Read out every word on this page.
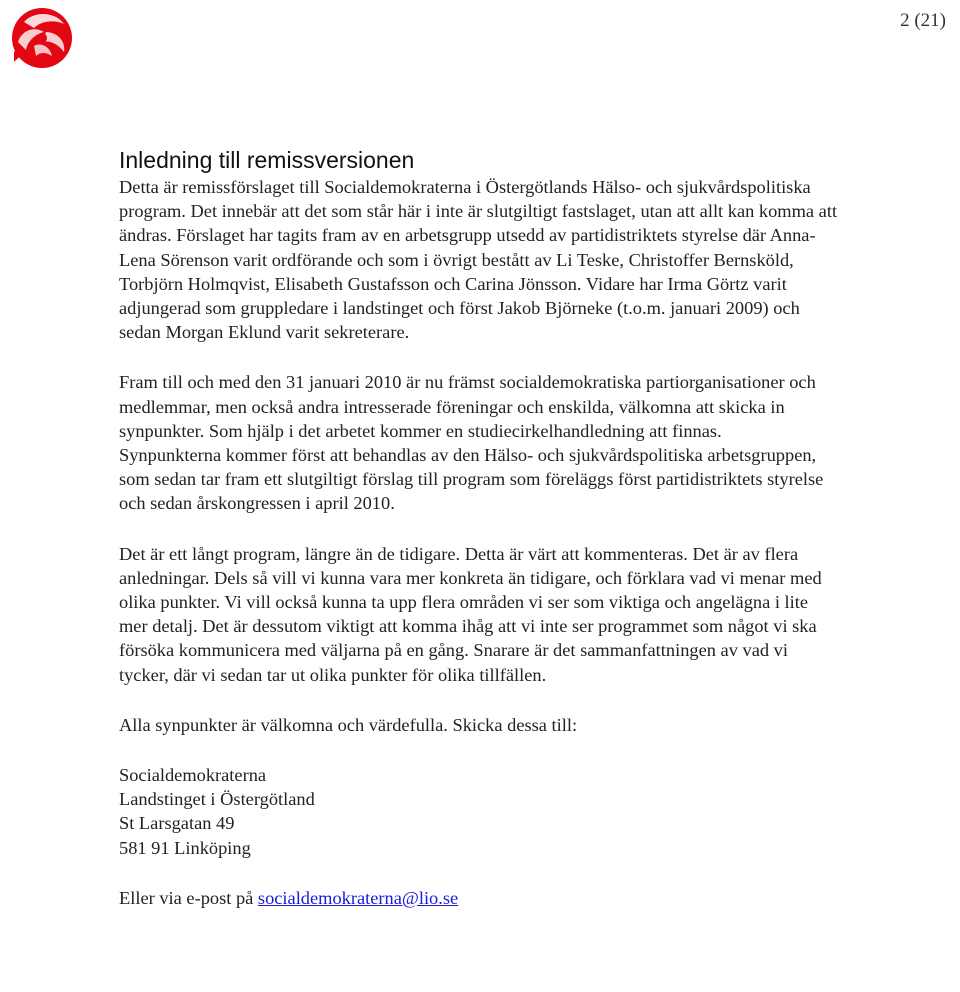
2 (21)
Inledning till remissversionen

Detta är remissförslaget till Socialdemokraterna i Östergötlands Hälso- och sjukvårdspolitiska program. Det innebär att det som står här i inte är slutgiltigt fastslaget, utan att allt kan komma att ändras. Förslaget har tagits fram av en arbetsgrupp utsedd av partidistriktets styrelse där Anna-Lena Sörenson varit ordförande och som i övrigt bestått av Li Teske, Christoffer Bernsköld, Torbjörn Holmqvist, Elisabeth Gustafsson och Carina Jönsson. Vidare har Irma Görtz varit adjungerad som gruppledare i landstinget och först Jakob Björneke (t.o.m. januari 2009) och sedan Morgan Eklund varit sekreterare.

Fram till och med den 31 januari 2010 är nu främst socialdemokratiska partiorganisationer och medlemmar, men också andra intresserade föreningar och enskilda, välkomna att skicka in synpunkter. Som hjälp i det arbetet kommer en studiecirkelhandledning att finnas.

Synpunkterna kommer först att behandlas av den Hälso- och sjukvårdspolitiska arbetsgruppen, som sedan tar fram ett slutgiltigt förslag till program som föreläggs först partidistriktets styrelse och sedan årskongressen i april 2010.

Det är ett långt program, längre än de tidigare. Detta är värt att kommenteras. Det är av flera anledningar. Dels så vill vi kunna vara mer konkreta än tidigare, och förklara vad vi menar med olika punkter. Vi vill också kunna ta upp flera områden vi ser som viktiga och angelägna i lite mer detalj. Det är dessutom viktigt att komma ihåg att vi inte ser programmet som något vi ska försöka kommunicera med väljarna på en gång. Snarare är det sammanfattningen av vad vi tycker, där vi sedan tar ut olika punkter för olika tillfällen.

Alla synpunkter är välkomna och värdefulla. Skicka dessa till:

Socialdemokraterna

Landstinget i Östergötland

St Larsgatan 49

581 91 Linköping

Eller via e-post på socialdemokraterna@lio.se
